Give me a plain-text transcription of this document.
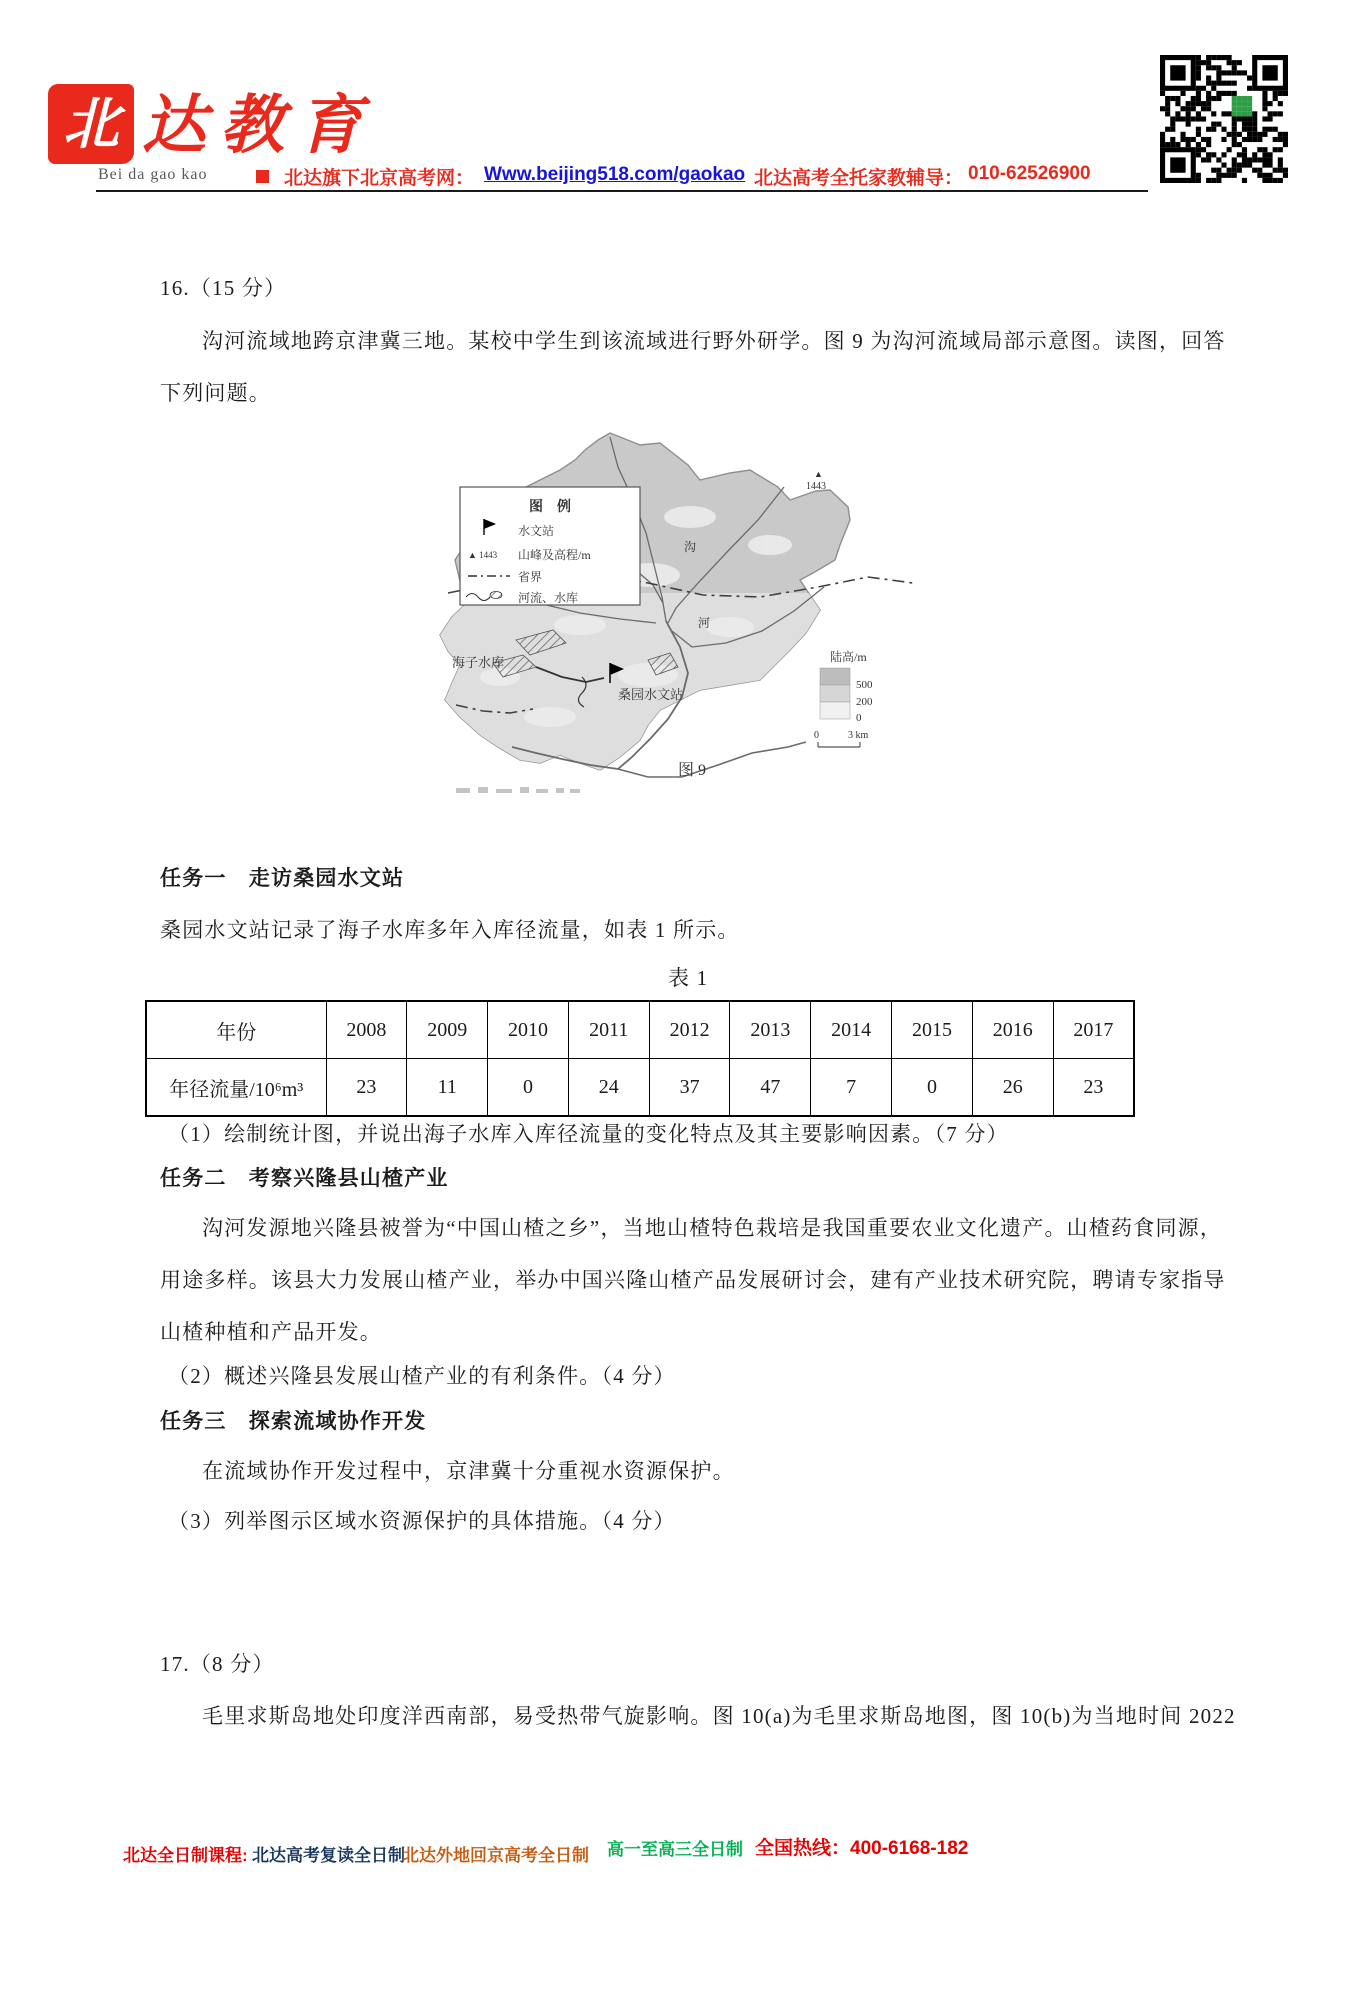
北 达教育
Bei da gao kao	北达旗下北京高考网： Www.beijing518.com/gaokao 北达高考全托家教辅导： 010-62526900
16.（15 分）
沟河流域地跨京津冀三地。某校中学生到该流域进行野外研学。图 9 为沟河流域局部示意图。读图，回答
下列问题。
▲
1443
海子水库
桑园水文站
沟
河
图　例
水文站
▲ 1443 山峰及高程/m
省界
河流、水库
陆高/m
500
200
0
0	3 km
图 9
任务一　走访桑园水文站
桑园水文站记录了海子水库多年入库径流量，如表 1 所示。
表 1
年份	2008	2009	2010	2011	2012	2013	2014	2015	2016	2017
年径流量/10⁶m³	23	11	0	24	37	47	7	0	26	23
（1）绘制统计图，并说出海子水库入库径流量的变化特点及其主要影响因素。（7 分）
任务二　考察兴隆县山楂产业
沟河发源地兴隆县被誉为“中国山楂之乡”，当地山楂特色栽培是我国重要农业文化遗产。山楂药食同源，
用途多样。该县大力发展山楂产业，举办中国兴隆山楂产品发展研讨会，建有产业技术研究院，聘请专家指导
山楂种植和产品开发。
（2）概述兴隆县发展山楂产业的有利条件。（4 分）
任务三　探索流域协作开发
在流域协作开发过程中，京津冀十分重视水资源保护。
（3）列举图示区域水资源保护的具体措施。（4 分）
17.（8 分）
毛里求斯岛地处印度洋西南部，易受热带气旋影响。图 10(a)为毛里求斯岛地图，图 10(b)为当地时间 2022
北达全日制课程: 北达高考复读全日制
北达外地回京高考全日制 高一至高三全日制 全国热线：400-6168-182
